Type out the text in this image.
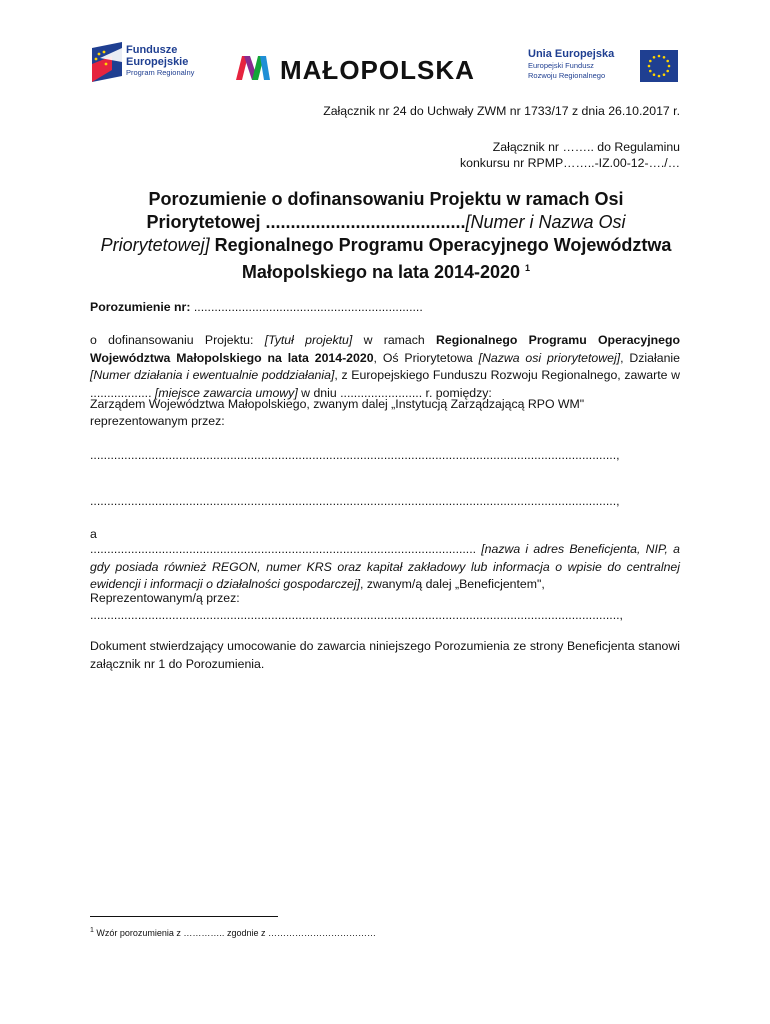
Fundusze
Europejskie
Program Regionalny	MAŁOPOLSKA
Unia Europejska
Europejski Fundusz
Rozwoju Regionalnego
Załącznik nr 24 do Uchwały ZWM nr 1733/17 z dnia 26.10.2017 r.
Załącznik nr …….. do Regulaminu
konkursu nr RPMP……..-IZ.00-12-…./…
Porozumienie o dofinansowaniu Projektu w ramach Osi Priorytetowej ........................................[Numer i Nazwa Osi Priorytetowej] Regionalnego Programu Operacyjnego Województwa Małopolskiego na lata 2014-2020 $^1$
Porozumienie nr: ...................................................................
o dofinansowaniu Projektu: [Tytuł projektu] w ramach Regionalnego Programu Operacyjnego Województwa Małopolskiego na lata 2014-2020, Oś Priorytetowa [Nazwa osi priorytetowej], Działanie [Numer działania i ewentualnie poddziałania], z Europejskiego Funduszu Rozwoju Regionalnego, zawarte w .................. [miejsce zawarcia umowy] w dniu ........................ r. pomiędzy:
Zarządem Województwa Małopolskiego, zwanym dalej „Instytucją Zarządzającą RPO WM"
reprezentowanym przez:
..........................................................................................................................................................,
..........................................................................................................................................................,
a
................................................................................................................. [nazwa i adres Beneficjenta, NIP, a gdy posiada również REGON, numer KRS oraz kapitał zakładowy lub informacja o wpisie do centralnej ewidencji i informacji o działalności gospodarczej], zwanym/ą dalej „Beneficjentem",
Reprezentowanym/ą przez:
...........................................................................................................................................................,
Dokument stwierdzający umocowanie do zawarcia niniejszego Porozumienia ze strony Beneficjenta stanowi załącznik nr 1 do Porozumienia.
$^1$ Wzór porozumienia z ………….. zgodnie z ………………………………
